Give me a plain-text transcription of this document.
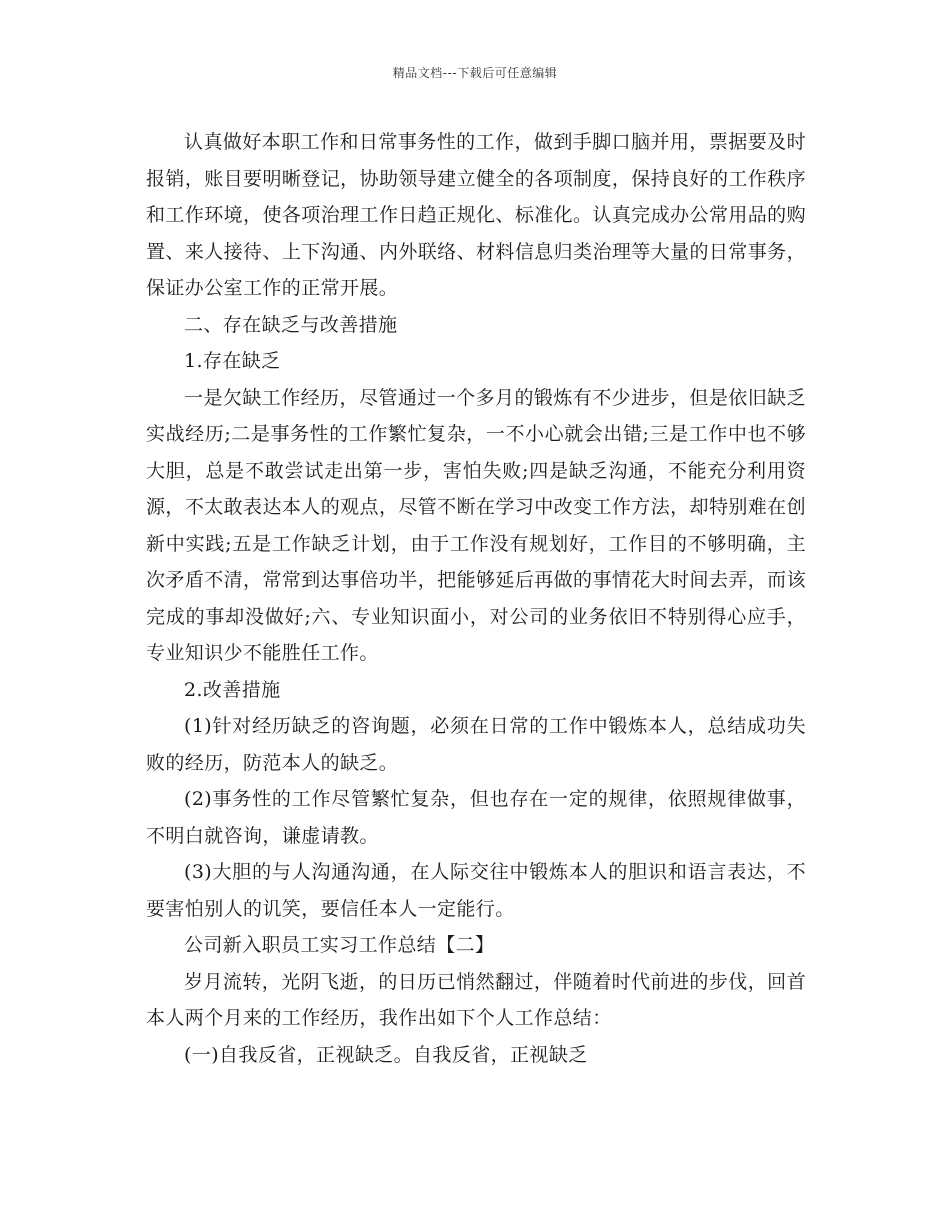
精品文档---下载后可任意编辑

认真做好本职工作和日常事务性的工作，做到手脚口脑并用，票据要及时报销，账目要明晰登记，协助领导建立健全的各项制度，保持良好的工作秩序和工作环境，使各项治理工作日趋正规化、标准化。认真完成办公常用品的购置、来人接待、上下沟通、内外联络、材料信息归类治理等大量的日常事务，保证办公室工作的正常开展。

二、存在缺乏与改善措施

1.存在缺乏

一是欠缺工作经历，尽管通过一个多月的锻炼有不少进步，但是依旧缺乏实战经历;二是事务性的工作繁忙复杂，一不小心就会出错;三是工作中也不够大胆，总是不敢尝试走出第一步，害怕失败;四是缺乏沟通，不能充分利用资源，不太敢表达本人的观点，尽管不断在学习中改变工作方法，却特别难在创新中实践;五是工作缺乏计划，由于工作没有规划好，工作目的不够明确，主次矛盾不清，常常到达事倍功半，把能够延后再做的事情花大时间去弄，而该完成的事却没做好;六、专业知识面小，对公司的业务依旧不特别得心应手，专业知识少不能胜任工作。

2.改善措施

(1)针对经历缺乏的咨询题，必须在日常的工作中锻炼本人，总结成功失败的经历，防范本人的缺乏。

(2)事务性的工作尽管繁忙复杂，但也存在一定的规律，依照规律做事，不明白就咨询，谦虚请教。

(3)大胆的与人沟通沟通，在人际交往中锻炼本人的胆识和语言表达，不要害怕别人的讥笑，要信任本人一定能行。

公司新入职员工实习工作总结【二】

岁月流转，光阴飞逝，的日历已悄然翻过，伴随着时代前进的步伐，回首本人两个月来的工作经历，我作出如下个人工作总结：

(一)自我反省，正视缺乏。自我反省，正视缺乏
